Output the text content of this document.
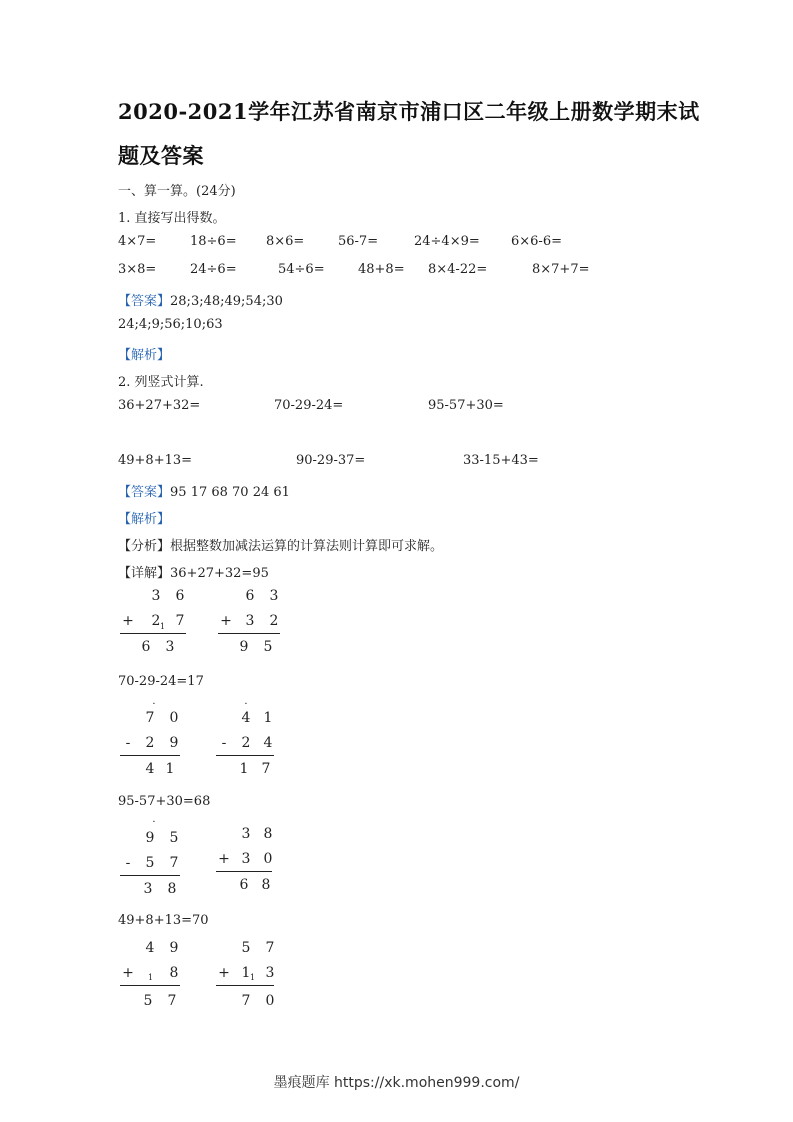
2020-2021学年江苏省南京市浦口区二年级上册数学期末试
题及答案
一、算一算。(24分)
1. 直接写出得数。
4×7=	18÷6= 8×6=	56-7=	24÷4×9= 6×6-6=
3×8=	24÷6=	54÷6=	48+8= 8×4-22=	8×7+7=
【答案】28;3;48;49;54;30
24;4;9;56;10;63
【解析】
2. 列竖式计算.
36+27+32=	70-29-24=	95-57+30=
49+8+13=	90-29-37=	33-15+43=
【答案】95 17 68 70 24 61
【解析】
【分析】根据整数加减法运算的计算法则计算即可求解。
【详解】36+27+32=95
3 6
+ 2 1 7
6 3
6 3
+ 3 2
9 5
70-29-24=17
·
7 0
-	2 9
4 1
·
4 1
-	2 4
1 7
95-57+30=68
·
9 5
-	5 7
3 8
3 8
+ 3 0
6 8
49+8+13=70
4 9
+ 1 8
5 7
5 7
+ 1 1 3
7 0
墨痕题库 https://xk.mohen999.com/
